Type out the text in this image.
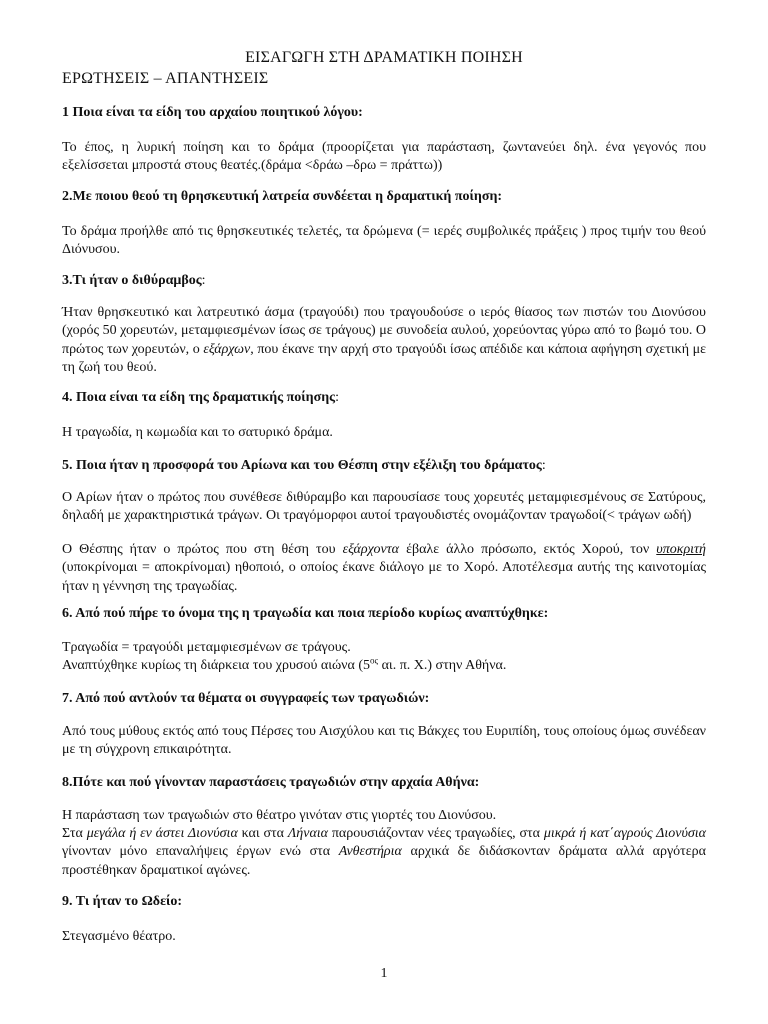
ΕΙΣΑΓΩΓΗ ΣΤΗ ΔΡΑΜΑΤΙΚΗ ΠΟΙΗΣΗ
ΕΡΩΤΗΣΕΙΣ – ΑΠΑΝΤΗΣΕΙΣ
1 Ποια είναι τα είδη του αρχαίου ποιητικού λόγου:
Το έπος, η λυρική ποίηση και το δράμα (προορίζεται για παράσταση, ζωντανεύει δηλ. ένα γεγονός που εξελίσσεται μπροστά στους θεατές.(δράμα <δράω –δρω = πράττω))
2.Με ποιου θεού τη θρησκευτική λατρεία συνδέεται η δραματική ποίηση:
Το δράμα προήλθε από τις θρησκευτικές τελετές, τα δρώμενα (= ιερές συμβολικές πράξεις ) προς τιμήν του θεού Διόνυσου.
3.Τι ήταν ο διθύραμβος:
Ήταν θρησκευτικό και λατρευτικό άσμα (τραγούδι) που τραγουδούσε ο ιερός θίασος των πιστών του Διονύσου (χορός 50 χορευτών, μεταμφιεσμένων ίσως σε τράγους) με συνοδεία αυλού, χορεύοντας γύρω από το βωμό του. Ο πρώτος των χορευτών, ο εξάρχων, που έκανε την αρχή στο τραγούδι ίσως απέδιδε και κάποια αφήγηση σχετική με τη ζωή του θεού.
4. Ποια είναι τα είδη της δραματικής ποίησης:
Η τραγωδία, η κωμωδία και το σατυρικό δράμα.
5. Ποια ήταν η προσφορά του Αρίωνα και του Θέσπη στην εξέλιξη του δράματος:
Ο Αρίων ήταν ο πρώτος που συνέθεσε διθύραμβο και παρουσίασε τους χορευτές μεταμφιεσμένους σε Σατύρους, δηλαδή με χαρακτηριστικά τράγων. Οι τραγόμορφοι αυτοί τραγουδιστές ονομάζονταν τραγωδοί(< τράγων ωδή)
Ο Θέσπης ήταν ο πρώτος που στη θέση του εξάρχοντα έβαλε άλλο πρόσωπο, εκτός Χορού, τον υποκριτή (υποκρίνομαι = αποκρίνομαι) ηθοποιό, ο οποίος έκανε διάλογο με το Χορό. Αποτέλεσμα αυτής της καινοτομίας ήταν η γέννηση της τραγωδίας.
6. Από πού πήρε το όνομα της η τραγωδία και ποια περίοδο κυρίως αναπτύχθηκε:
Τραγωδία = τραγούδι μεταμφιεσμένων σε τράγους.
Αναπτύχθηκε κυρίως τη διάρκεια του χρυσού αιώνα ($5^{o\varsigma}$ αι. π. Χ.) στην Αθήνα.
7. Από πού αντλούν τα θέματα οι συγγραφείς των τραγωδιών:
Από τους μύθους εκτός από τους Πέρσες του Αισχύλου και τις Βάκχες του Ευριπίδη, τους οποίους όμως συνέδεαν με τη σύγχρονη επικαιρότητα.
8.Πότε και πού γίνονταν παραστάσεις τραγωδιών στην αρχαία Αθήνα:
Η παράσταση των τραγωδιών στο θέατρο γινόταν στις γιορτές του Διονύσου.
Στα μεγάλα ή εν άστει Διονύσια και στα Λήναια παρουσιάζονταν νέες τραγωδίες, στα μικρά ή κατ΄αγρούς Διονύσια γίνονταν μόνο επαναλήψεις έργων ενώ στα Ανθεστήρια αρχικά δε διδάσκονταν δράματα αλλά αργότερα προστέθηκαν δραματικοί αγώνες.
9. Τι ήταν το Ωδείο:
Στεγασμένο θέατρο.
1
